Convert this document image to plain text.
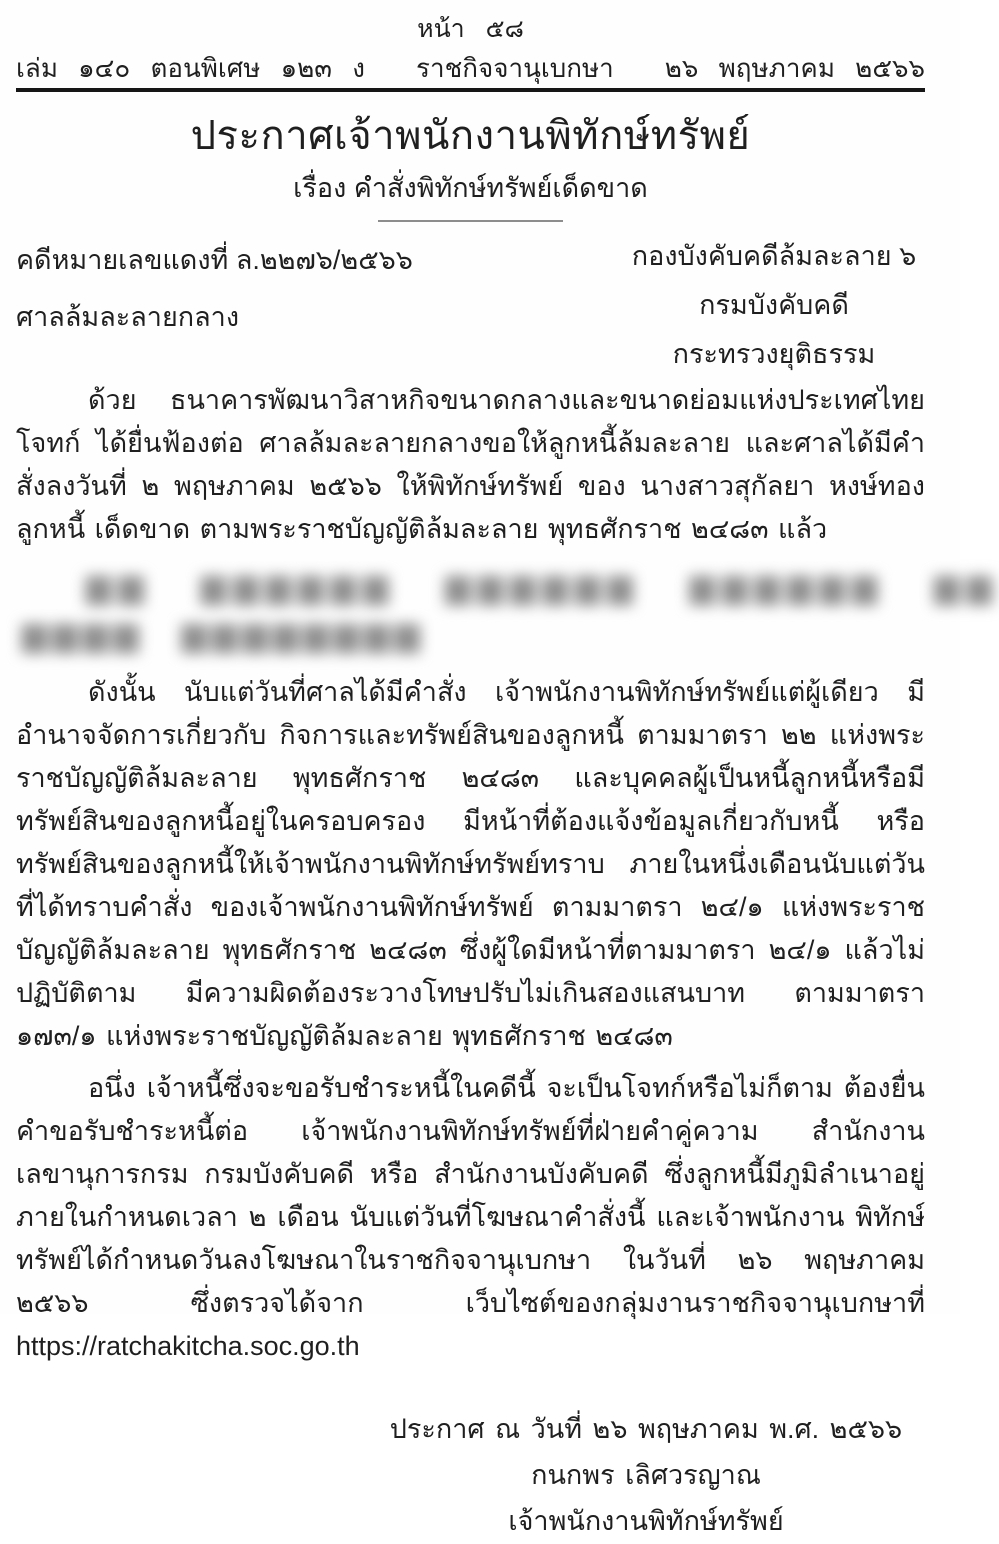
หน้า ๕๘
เล่ม ๑๔๐ ตอนพิเศษ ๑๒๓ ง ราชกิจจานุเบกษา ๒๖ พฤษภาคม ๒๕๖๖
ประกาศเจ้าพนักงานพิทักษ์ทรัพย์
เรื่อง คำสั่งพิทักษ์ทรัพย์เด็ดขาด
คดีหมายเลขแดงที่ ล.๒๒๗๖/๒๕๖๖
ศาลล้มละลายกลาง
กองบังคับคดีล้มละลาย ๖
กรมบังคับคดี
กระทรวงยุติธรรม

ด้วย ธนาคารพัฒนาวิสาหกิจขนาดกลางและขนาดย่อมแห่งประเทศไทย โจทก์ ได้ยื่นฟ้องต่อ ศาลล้มละลายกลางขอให้ลูกหนี้ล้มละลาย และศาลได้มีคำสั่งลงวันที่ ๒ พฤษภาคม ๒๕๖๖ ให้พิทักษ์ทรัพย์ ของ นางสาวสุกัลยา หงษ์ทอง ลูกหนี้ เด็ดขาด ตามพระราชบัญญัติล้มละลาย พุทธศักราช ๒๔๘๓ แล้ว

▆▆ ▆▆▆▆▆▆ ▆▆▆▆▆▆ ▆▆▆▆▆▆ ▆▆
▆▆▆▆ ▆▆▆▆▆▆▆▆

ดังนั้น นับแต่วันที่ศาลได้มีคำสั่ง เจ้าพนักงานพิทักษ์ทรัพย์แต่ผู้เดียว มีอำนาจจัดการเกี่ยวกับ กิจการและทรัพย์สินของลูกหนี้ ตามมาตรา ๒๒ แห่งพระราชบัญญัติล้มละลาย พุทธศักราช ๒๔๘๓ และบุคคลผู้เป็นหนี้ลูกหนี้หรือมีทรัพย์สินของลูกหนี้อยู่ในครอบครอง มีหน้าที่ต้องแจ้งข้อมูลเกี่ยวกับหนี้ หรือทรัพย์สินของลูกหนี้ให้เจ้าพนักงานพิทักษ์ทรัพย์ทราบ ภายในหนึ่งเดือนนับแต่วันที่ได้ทราบคำสั่ง ของเจ้าพนักงานพิทักษ์ทรัพย์ ตามมาตรา ๒๔/๑ แห่งพระราชบัญญัติล้มละลาย พุทธศักราช ๒๔๘๓ ซึ่งผู้ใดมีหน้าที่ตามมาตรา ๒๔/๑ แล้วไม่ปฏิบัติตาม มีความผิดต้องระวางโทษปรับไม่เกินสองแสนบาท ตามมาตรา ๑๗๓/๑ แห่งพระราชบัญญัติล้มละลาย พุทธศักราช ๒๔๘๓

อนึ่ง เจ้าหนี้ซึ่งจะขอรับชำระหนี้ในคดีนี้ จะเป็นโจทก์หรือไม่ก็ตาม ต้องยื่นคำขอรับชำระหนี้ต่อ เจ้าพนักงานพิทักษ์ทรัพย์ที่ฝ่ายคำคู่ความ สำนักงานเลขานุการกรม กรมบังคับคดี หรือ สำนักงานบังคับคดี ซึ่งลูกหนี้มีภูมิลำเนาอยู่ ภายในกำหนดเวลา ๒ เดือน นับแต่วันที่โฆษณาคำสั่งนี้ และเจ้าพนักงาน พิทักษ์ทรัพย์ได้กำหนดวันลงโฆษณาในราชกิจจานุเบกษา ในวันที่ ๒๖ พฤษภาคม ๒๕๖๖ ซึ่งตรวจได้จาก เว็บไซต์ของกลุ่มงานราชกิจจานุเบกษาที่ https://ratchakitcha.soc.go.th

ประกาศ ณ วันที่ ๒๖ พฤษภาคม พ.ศ. ๒๕๖๖
กนกพร เลิศวรญาณ
เจ้าพนักงานพิทักษ์ทรัพย์
